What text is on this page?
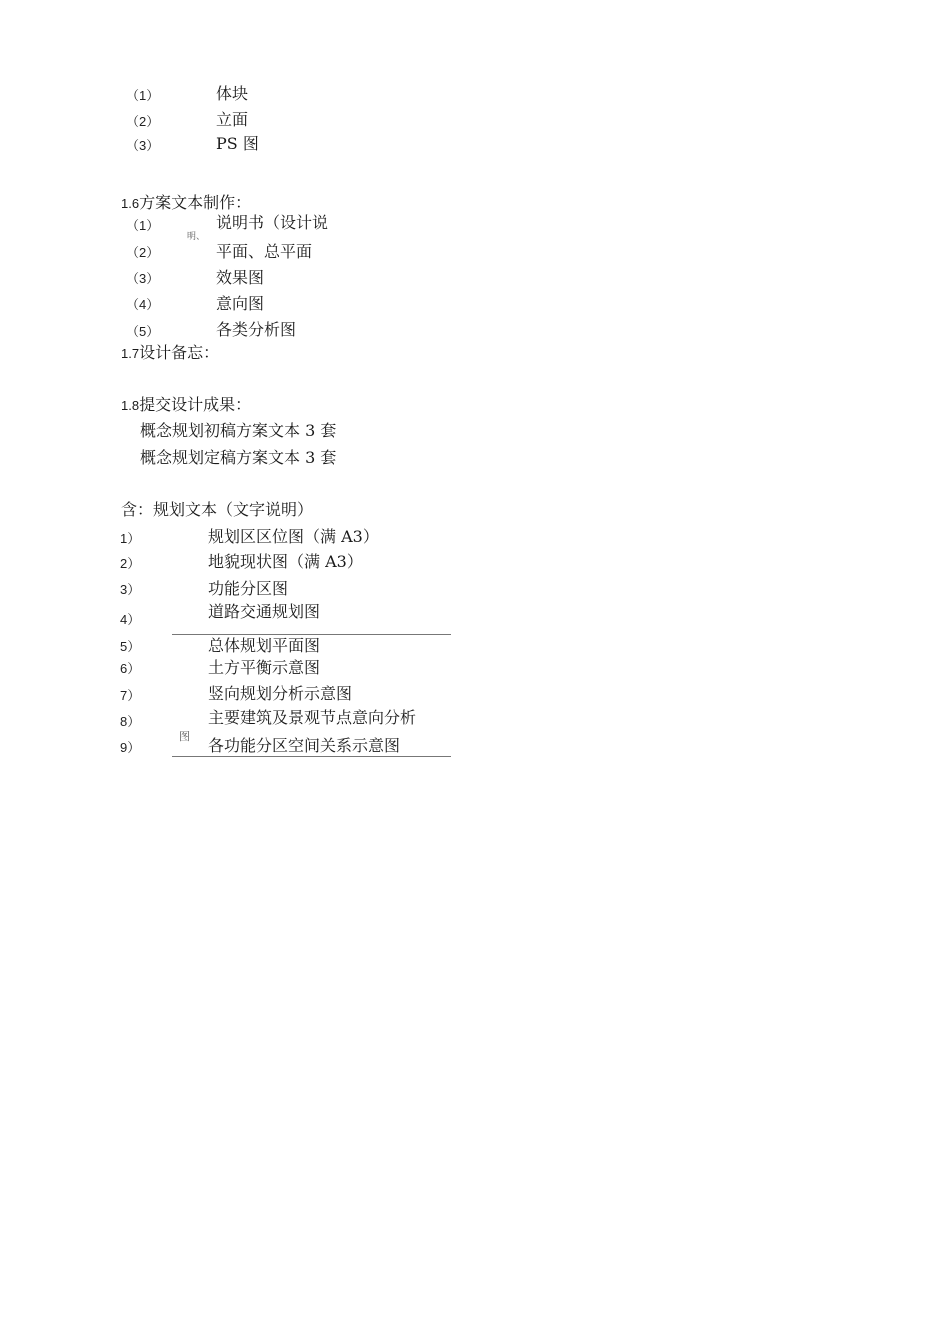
（1）	体块
（2）	立面
（3）	PS 图
1.6方案文本制作：
（1）	说明书（设计说
明、
（2）	平面、总平面
（3）	效果图
（4）	意向图
（5）	各类分析图
1.7设计备忘：
1.8提交设计成果：
概念规划初稿方案文本 3 套
概念规划定稿方案文本 3 套
含：规划文本（文字说明）
1）	规划区区位图（满 A3）
2）	地貌现状图（满 A3）
3）	功能分区图
4）	道路交通规划图
5）	总体规划平面图
6）	土方平衡示意图
7）	竖向规划分析示意图
8）	主要建筑及景观节点意向分析
图
9）	各功能分区空间关系示意图
